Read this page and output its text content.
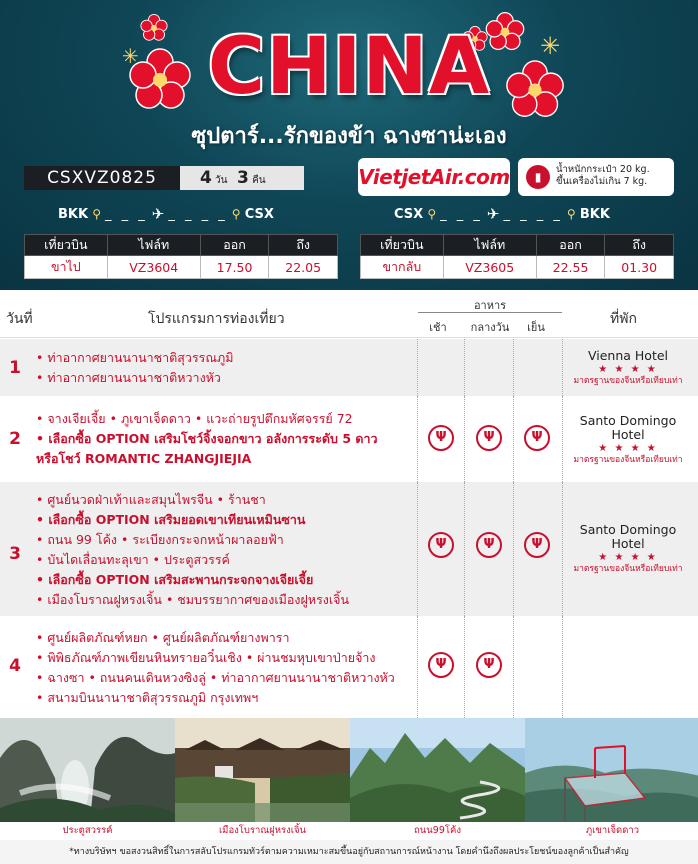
✳	✳
CHINA
ซุปตาร์...รักของข้า ฉางซาน่ะเอง
CSXVZ0825	4 วัน 3 คืน	VietjetAir.com	▮
น้ำหนักกระเป๋า 20 kg.
ขึ้นเครื่องไม่เกิน 7 kg.
BKK ⚲ _ _ _ ✈ _ _ _ _ ⚲ CSX	CSX ⚲ _ _ _ ✈ _ _ _ _ ⚲ BKK
เที่ยวบิน	ไฟล์ท	ออก	ถึง
ขาไป	VZ3604	17.50	22.05
เที่ยวบิน	ไฟล์ท	ออก	ถึง
ขากลับ	VZ3605	22.55	01.30
วันที่	โปรแกรมการท่องเที่ยว
อาหาร
เช้า	กลางวัน	เย็น
ที่พัก
1
• ท่าอากาศยานนานาชาติสุวรรณภูมิ
• ท่าอากาศยานนานาชาติหวางหัว
Vienna Hotel
★ ★ ★ ★
มาตรฐานของจีนหรือเทียบเท่า
2
• จางเจียเจี้ย • ภูเขาเจ็ดดาว • แวะถ่ายรูปตึกมหัศจรรย์ 72
• เลือกซื้อ OPTION เสริมโชว์จิ้งจอกขาว อลังการระดับ 5 ดาว
หรือโชว์ ROMANTIC ZHANGJIEJIA
Ψ	Ψ	Ψ
Santo Domingo
Hotel
★ ★ ★ ★
มาตรฐานของจีนหรือเทียบเท่า
3
• ศูนย์นวดฝ่าเท้าและสมุนไพรจีน • ร้านชา
• เลือกซื้อ OPTION เสริมยอดเขาเทียนเหมินซาน
• ถนน 99 โค้ง • ระเบียงกระจกหน้าผาลอยฟ้า
• บันไดเลื่อนทะลุเขา • ประตูสวรรค์
• เลือกซื้อ OPTION เสริมสะพานกระจกจางเจียเจี้ย
• เมืองโบราณฝูหรงเจิ้น • ชมบรรยากาศของเมืองฝูหรงเจิ้น
Ψ	Ψ	Ψ
Santo Domingo
Hotel
★ ★ ★ ★
มาตรฐานของจีนหรือเทียบเท่า
4
• ศูนย์ผลิตภัณฑ์หยก • ศูนย์ผลิตภัณฑ์ยางพารา
• พิพิธภัณฑ์ภาพเขียนหินทรายอวิ๋นเชิง • ผ่านชมหุบเขาป่ายจ้าง
• ฉางซา • ถนนคนเดินหวงซิงลู่ • ท่าอากาศยานนานาชาติหวางหัว
• สนามบินนานาชาติสุวรรณภูมิ กรุงเทพฯ
Ψ	Ψ
ประตูสวรรค์	เมืองโบราณฝูหรงเจิ้น	ถนน99โค้ง	ภูเขาเจ็ดดาว
*ทางบริษัทฯ ขอสงวนสิทธิ์ในการสลับโปรแกรมทัวร์ตามความเหมาะสมขึ้นอยู่กับสถานการณ์หน้างาน โดยคำนึงถึงผลประโยชน์ของลูกค้าเป็นสำคัญ
